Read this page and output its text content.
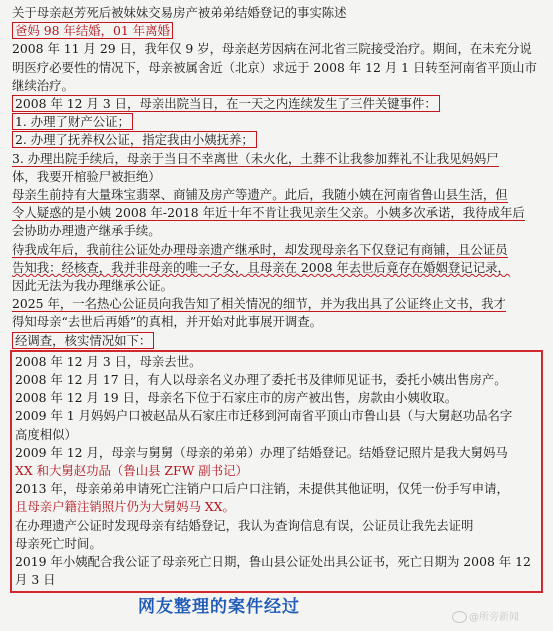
关于母亲赵芳死后被妹妹交易房产被弟弟结婚登记的事实陈述
爸妈 98 年结婚，01 年离婚
2008 年 11 月 29 日，我年仅 9 岁，母亲赵芳因病在河北省三院接受治疗。期间，在未充分说
明医疗必要性的情况下，母亲被属舍近（北京）求远于 2008 年 12 月 1 日转至河南省平顶山市
继续治疗。
2008 年 12 月 3 日，母亲出院当日，在一天之内连续发生了三件关键事件：
1. 办理了财产公证；
2. 办理了抚养权公证，指定我由小姨抚养；
3. 办理出院手续后，母亲于当日不幸离世（未火化，土葬不让我参加葬礼不让我见妈妈尸
体，我要开棺验尸被拒绝）
母亲生前持有大量珠宝翡翠、商铺及房产等遗产。此后，我随小姨在河南省鲁山县生活，但
令人疑惑的是小姨 2008 年-2018 年近十年不肯让我见亲生父亲。小姨多次承诺，我待成年后
会协助办理遗产继承手续。
待我成年后，我前往公证处办理母亲遗产继承时，却发现母亲名下仅登记有商铺，且公证员
告知我：经核查，我并非母亲的唯一子女，且母亲在 2008 年去世后竟存在婚姻登记记录，
因此无法为我办理继承公证。
2025 年，一名热心公证员向我告知了相关情况的细节，并为我出具了公证终止文书，我才
得知母亲“去世后再婚”的真相，并开始对此事展开调查。
经调查，核实情况如下：
2008 年 12 月 3 日，母亲去世。
2008 年 12 月 17 日，有人以母亲名义办理了委托书及律师见证书，委托小姨出售房产。
2008 年 12 月 19 日，母亲名下位于石家庄市的房产被出售，房款由小姨收取。
2009 年 1 月妈妈户口被赵品从石家庄市迁移到河南省平顶山市鲁山县（与大舅赵功品名字
高度相似）
2009 年 12 月，母亲与舅舅（母亲的弟弟）办理了结婚登记。结婚登记照片是我大舅妈马
XX 和大舅赵功品（鲁山县 ZFW 副书记）
2013 年，母亲弟弟申请死亡注销户口后户口注销，未提供其他证明，仅凭一份手写申请，
且母亲户籍注销照片仍为大舅妈马 XX。
在办理遗产公证时发现母亲有结婚登记，我认为查询信息有误，公证员让我先去证明
母亲死亡时间。
2019 年小姨配合我公证了母亲死亡日期，鲁山县公证处出具公证书，死亡日期为 2008 年 12
月 3 日
网友整理的案件经过
@所旁新闻
